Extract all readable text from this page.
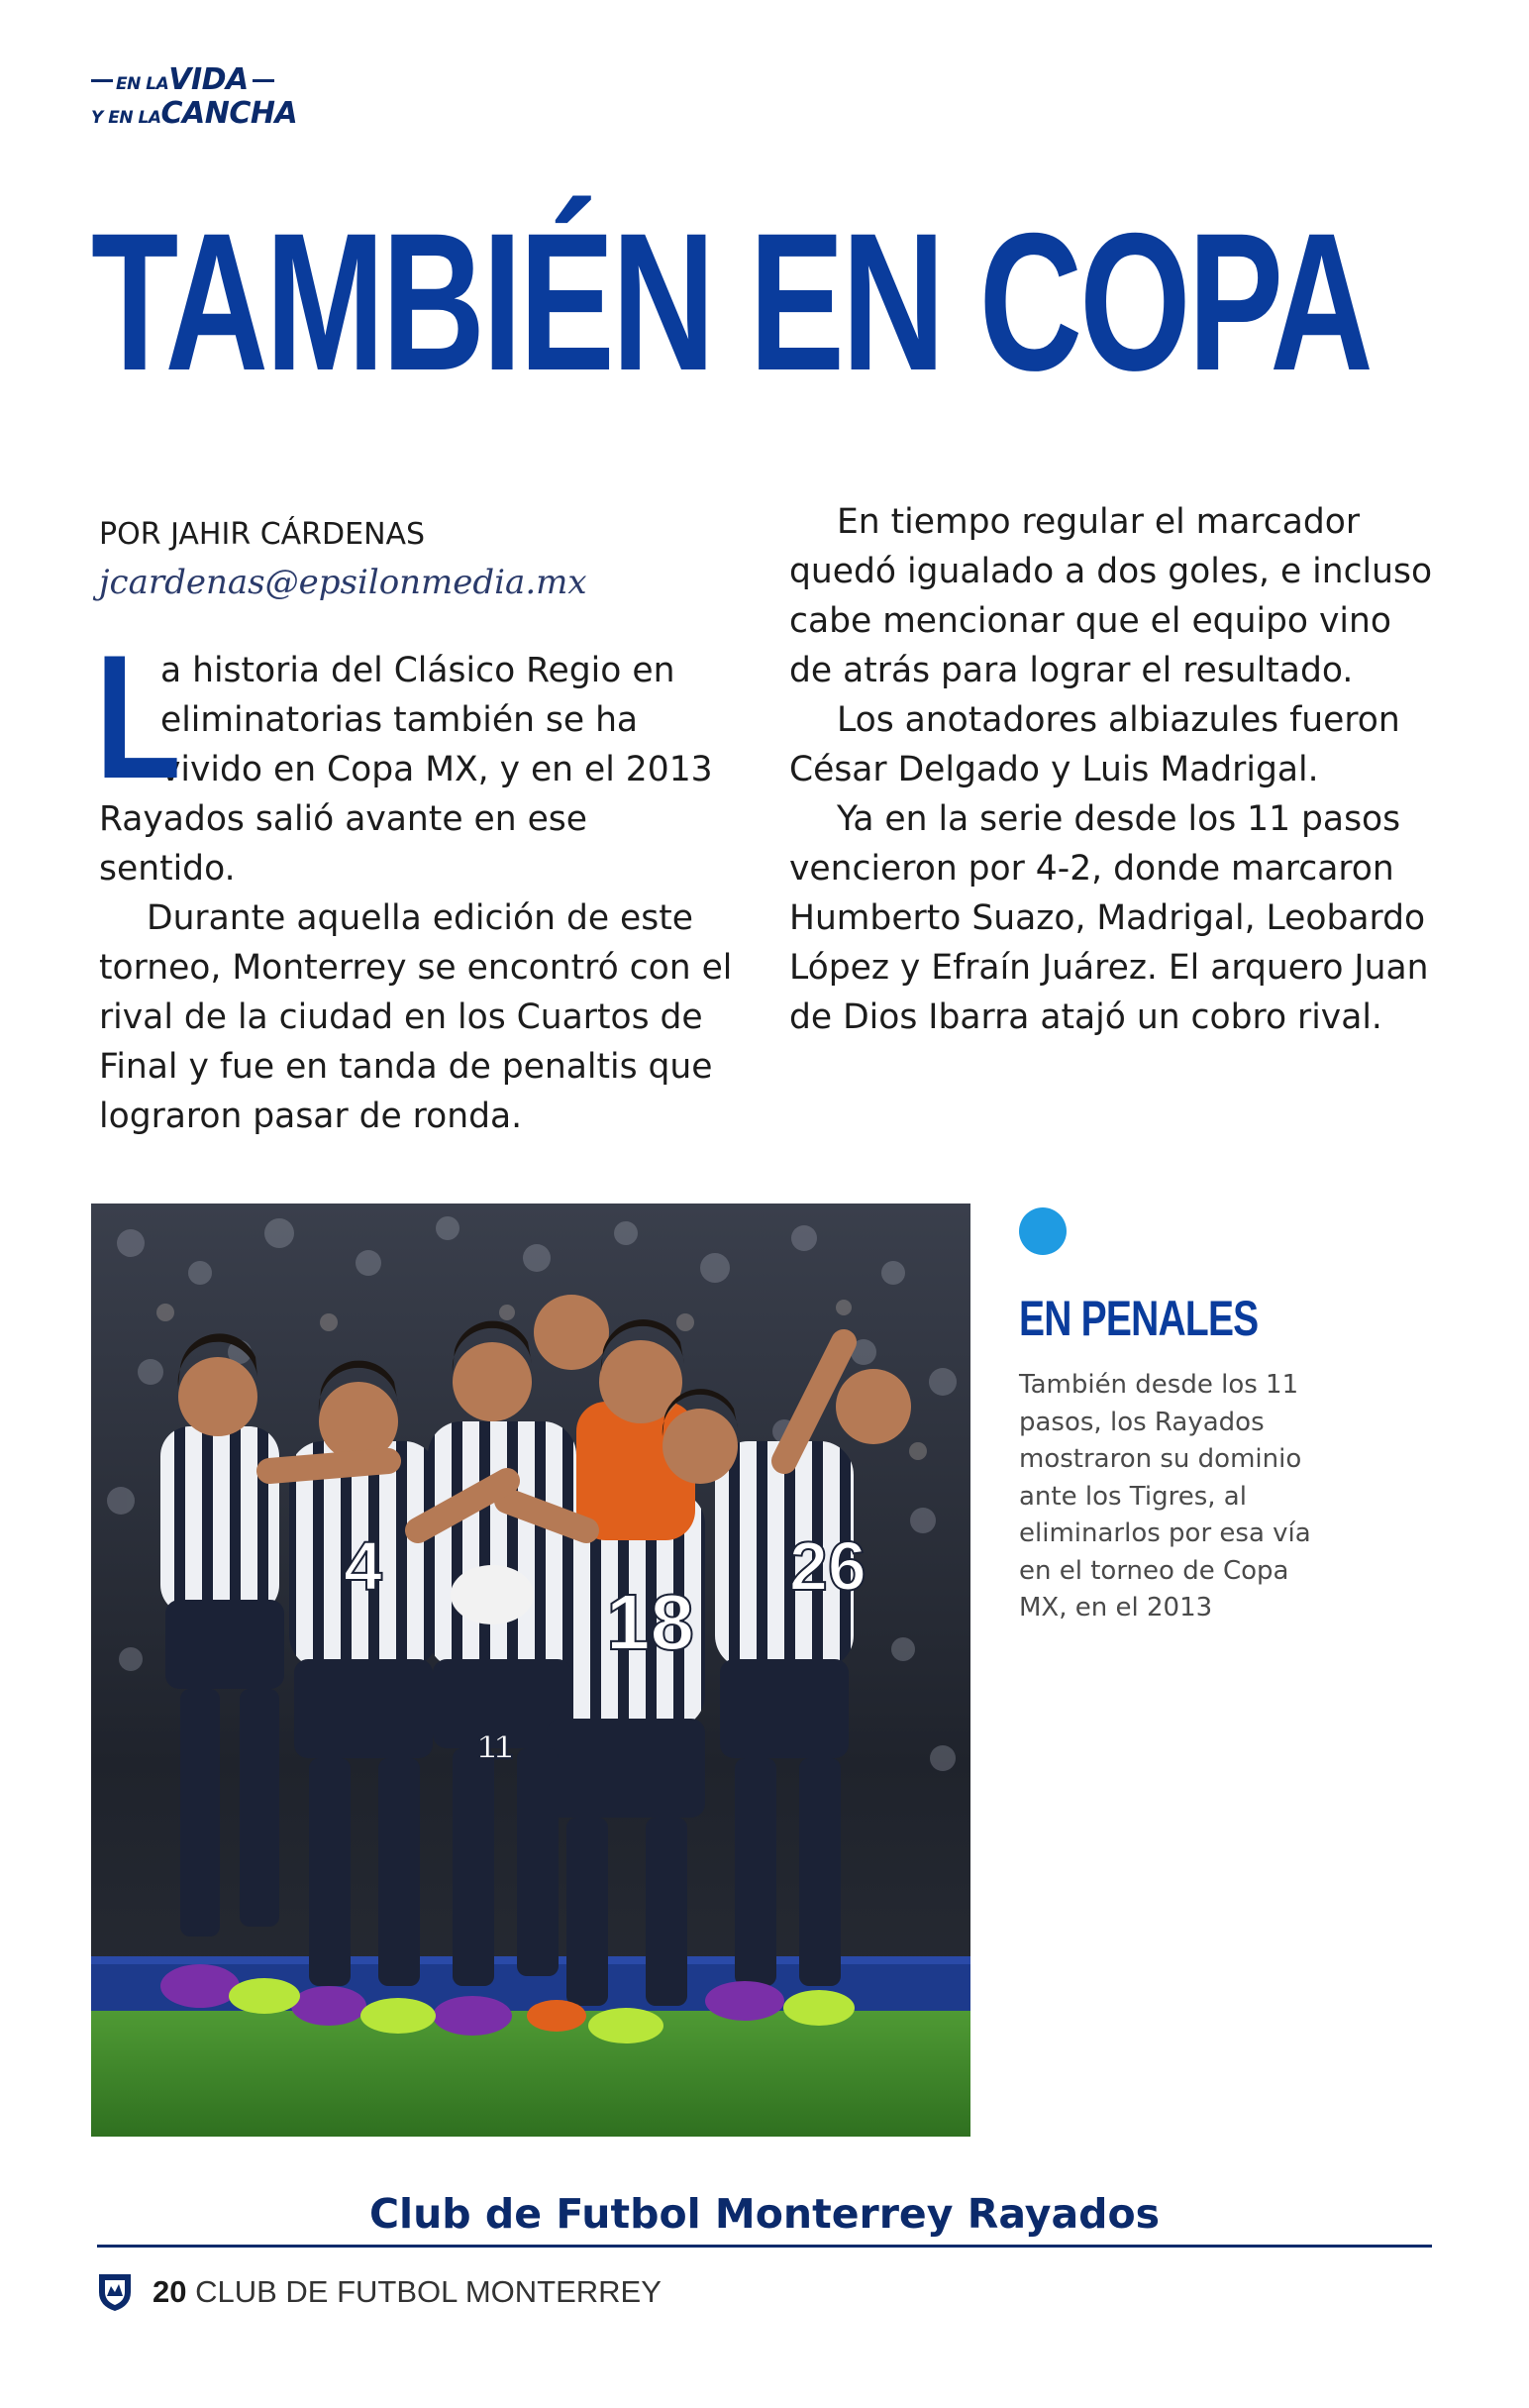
EN LAVIDA
Y EN LACANCHA
TAMBIÉN EN COPA
POR JAHIR CÁRDENAS
jcardenas@epsilonmedia.mx
L

a historia del Clásico Regio en eliminatorias también se ha vivido en Copa MX, y en el 2013 Rayados salió avante en ese sentido.

Durante aquella edición de este torneo, Monterrey se encontró con el rival de la ciudad en los Cuartos de Final y fue en tanda de penaltis que lograron pasar de ronda.

En tiempo regular el marcador quedó igualado a dos goles, e incluso cabe mencionar que el equipo vino de atrás para lograr el resultado.

Los anotadores albiazules fueron César Delgado y Luis Madrigal.

Ya en la serie desde los 11 pasos vencieron por 4-2, donde marcaron Humberto Suazo, Madrigal, Leobardo López y Efraín Juárez. El arquero Juan de Dios Ibarra atajó un cobro rival.

4
18
26
11
EN PENALES
También desde los 11 pasos, los Rayados mostraron su dominio ante los Tigres, al eliminarlos por esa vía en el torneo de Copa MX, en el 2013
Club de Futbol Monterrey Rayados
20 CLUB DE FUTBOL MONTERREY
